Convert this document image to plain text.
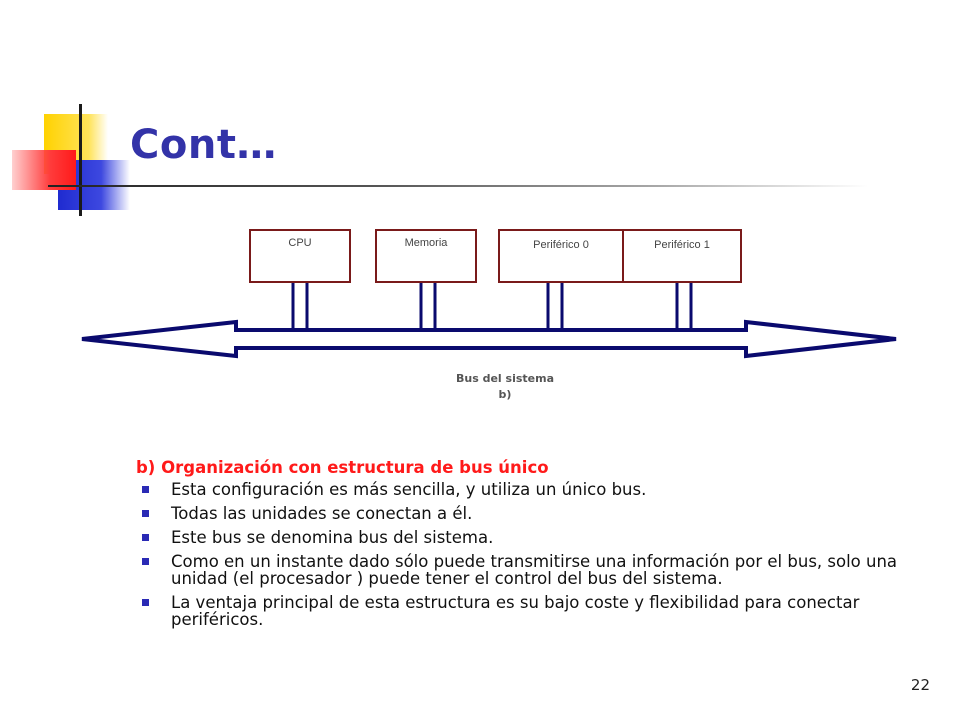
Cont…
CPU	Memoria	Periférico 0	Periférico 1
Bus del sistema
b)
b) Organización con estructura de bus único
Esta configuración es más sencilla, y utiliza un único bus.
Todas las unidades se conectan a él.
Este bus se denomina bus del sistema.
Como en un instante dado sólo puede transmitirse una información por el bus, solo una unidad (el procesador ) puede tener el control del bus del sistema.
La ventaja principal de esta estructura es su bajo coste y flexibilidad para conectar periféricos.
22
